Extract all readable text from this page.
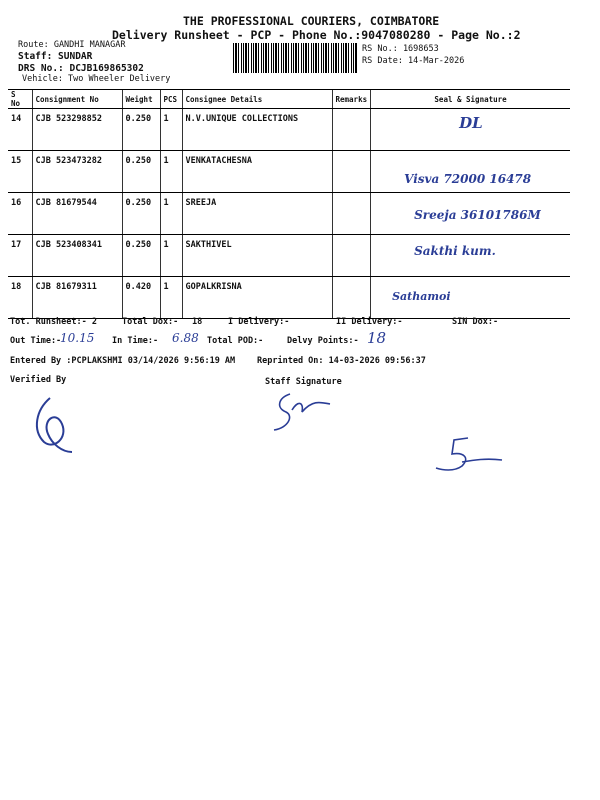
THE PROFESSIONAL COURIERS, COIMBATORE
Delivery Runsheet - PCP - Phone No.:9047080280 - Page No.:2
Route: GANDHI MANAGAR
Staff: SUNDAR
DRS No.: DCJB169865302
Vehicle: Two Wheeler Delivery
RS No.: 1698653
RS Date: 14-Mar-2026
S No	Consignment No	Weight	PCS	Consignee Details	Remarks	Seal & Signature
14	CJB 523298852	0.250	1	N.V.UNIQUE COLLECTIONS		DL
15	CJB 523473282	0.250	1	VENKATACHESNA		Visva 72000 16478
16	CJB 81679544	0.250	1	SREEJA		Sreeja 36101786M
17	CJB 523408341	0.250	1	SAKTHIVEL		Sakthi kum.
18	CJB 81679311	0.420	1	GOPALKRISNA		Sathamoi
Tot. Runsheet:- 2	Total Dox:- 18	I Delivery:-	II Delivery:-	SIN Dox:-
Out Time:-
10.15 In Time:- 6.88 Total POD:-	Delvy Points:- 18
Entered By :PCPLAKSHMI 03/14/2026 9:56:19 AM	Reprinted On: 14-03-2026 09:56:37
Verified By	Staff Signature
